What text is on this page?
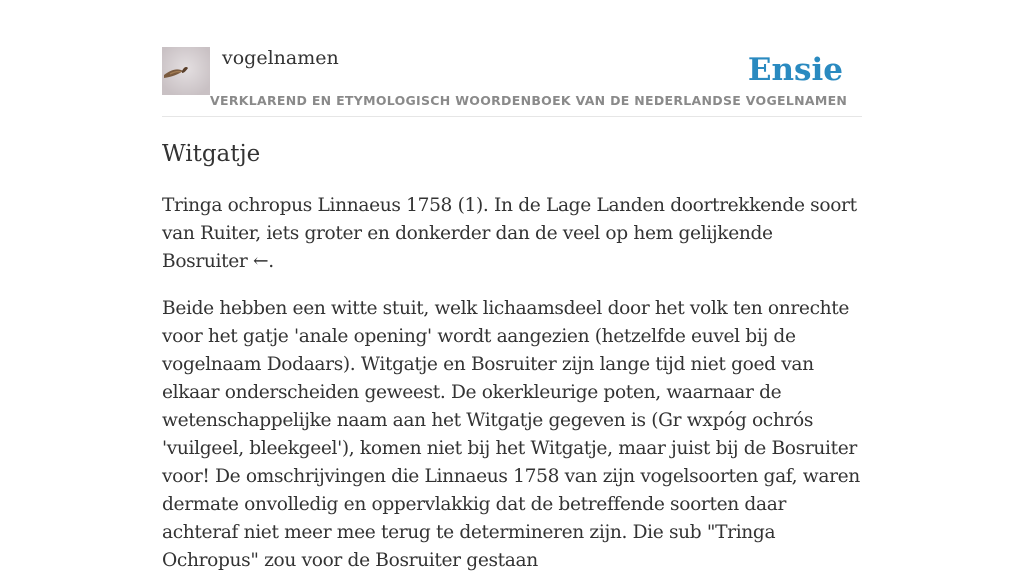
vogelnamen
VERKLAREND EN ETYMOLOGISCH WOORDENBOEK VAN DE NEDERLANDSE VOGELNAMEN
Ensie
Witgatje

Tringa ochropus Linnaeus 1758 (1). In de Lage Landen doortrekkende soort van Ruiter, iets groter en donkerder dan de veel op hem gelijkende Bosruiter ←.

Beide hebben een witte stuit, welk lichaamsdeel door het volk ten onrechte voor het gatje 'anale opening' wordt aangezien (hetzelfde euvel bij de vogelnaam Dodaars). Witgatje en Bosruiter zijn lange tijd niet goed van elkaar onderscheiden geweest. De okerkleurige poten, waarnaar de wetenschappelijke naam aan het Witgatje gegeven is (Gr wxpóg ochrós 'vuilgeel, bleekgeel'), komen niet bij het Witgatje, maar juist bij de Bosruiter voor! De omschrijvingen die Linnaeus 1758 van zijn vogelsoorten gaf, waren dermate onvolledig en oppervlakkig dat de betreffende soorten daar achteraf niet meer mee terug te determineren zijn. Die sub "Tringa Ochropus" zou voor de Bosruiter gestaan
